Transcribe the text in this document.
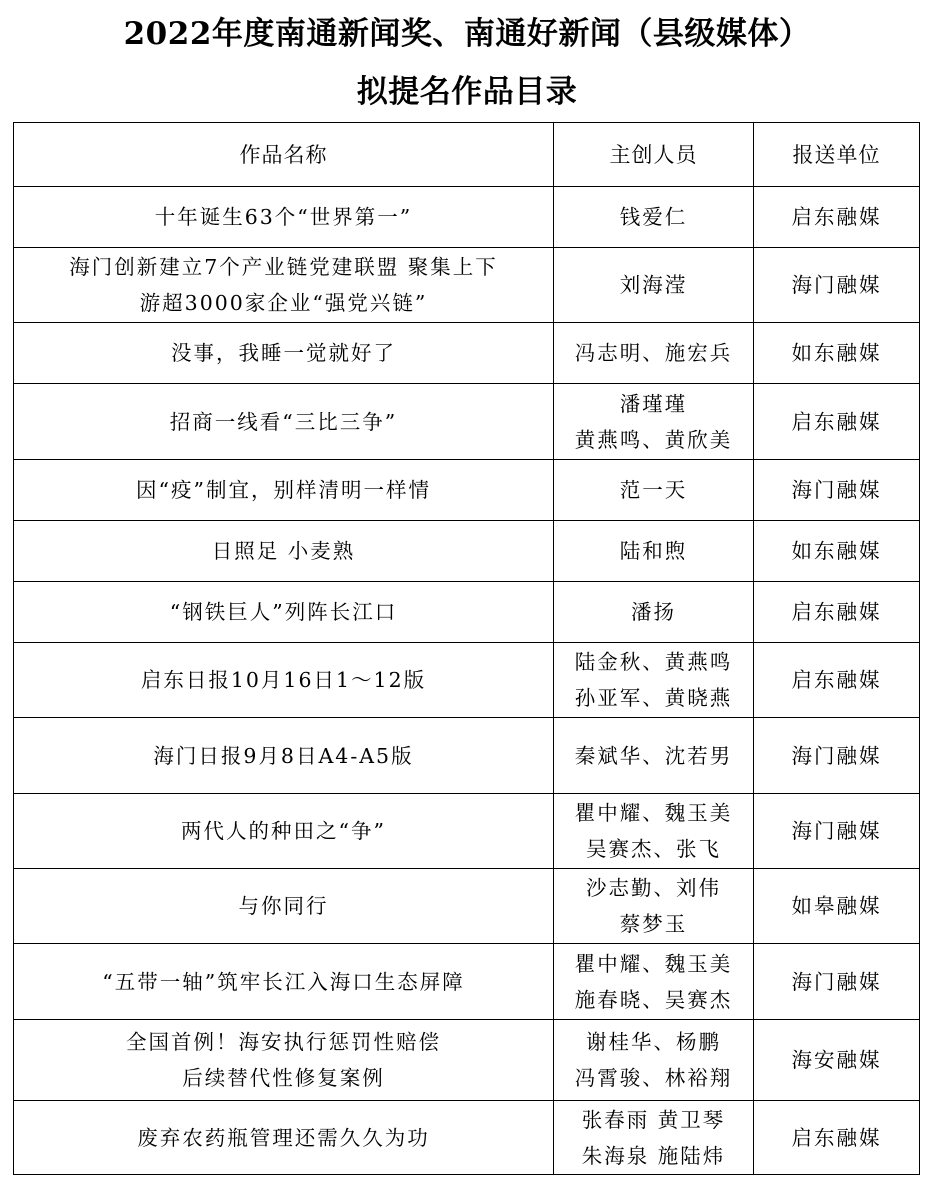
2022年度南通新闻奖、南通好新闻（县级媒体）
拟提名作品目录
作品名称	主创人员	报送单位

十年诞生63个“世界第一”	钱爱仁	启东融媒

海门创新建立7个产业链党建联盟 聚集上下
游超3000家企业“强党兴链”	刘海滢	海门融媒

没事，我睡一觉就好了	冯志明、施宏兵	如东融媒

招商一线看“三比三争”	潘瑾瑾
黄燕鸣、黄欣美	启东融媒

因“疫”制宜，别样清明一样情	范一天	海门融媒

日照足 小麦熟	陆和煦	如东融媒

“钢铁巨人”列阵长江口	潘扬	启东融媒

启东日报10月16日1～12版	陆金秋、黄燕鸣
孙亚军、黄晓燕	启东融媒

海门日报9月8日A4-A5版	秦斌华、沈若男	海门融媒

两代人的种田之“争”	瞿中耀、魏玉美
吴赛杰、张飞	海门融媒

与你同行	沙志勤、刘伟
蔡梦玉	如皋融媒

“五带一轴”筑牢长江入海口生态屏障	瞿中耀、魏玉美
施春晓、吴赛杰	海门融媒

全国首例！海安执行惩罚性赔偿
后续替代性修复案例	谢桂华、杨鹏
冯霄骏、林裕翔	海安融媒

废弃农药瓶管理还需久久为功	张春雨 黄卫琴
朱海泉 施陆炜	启东融媒
